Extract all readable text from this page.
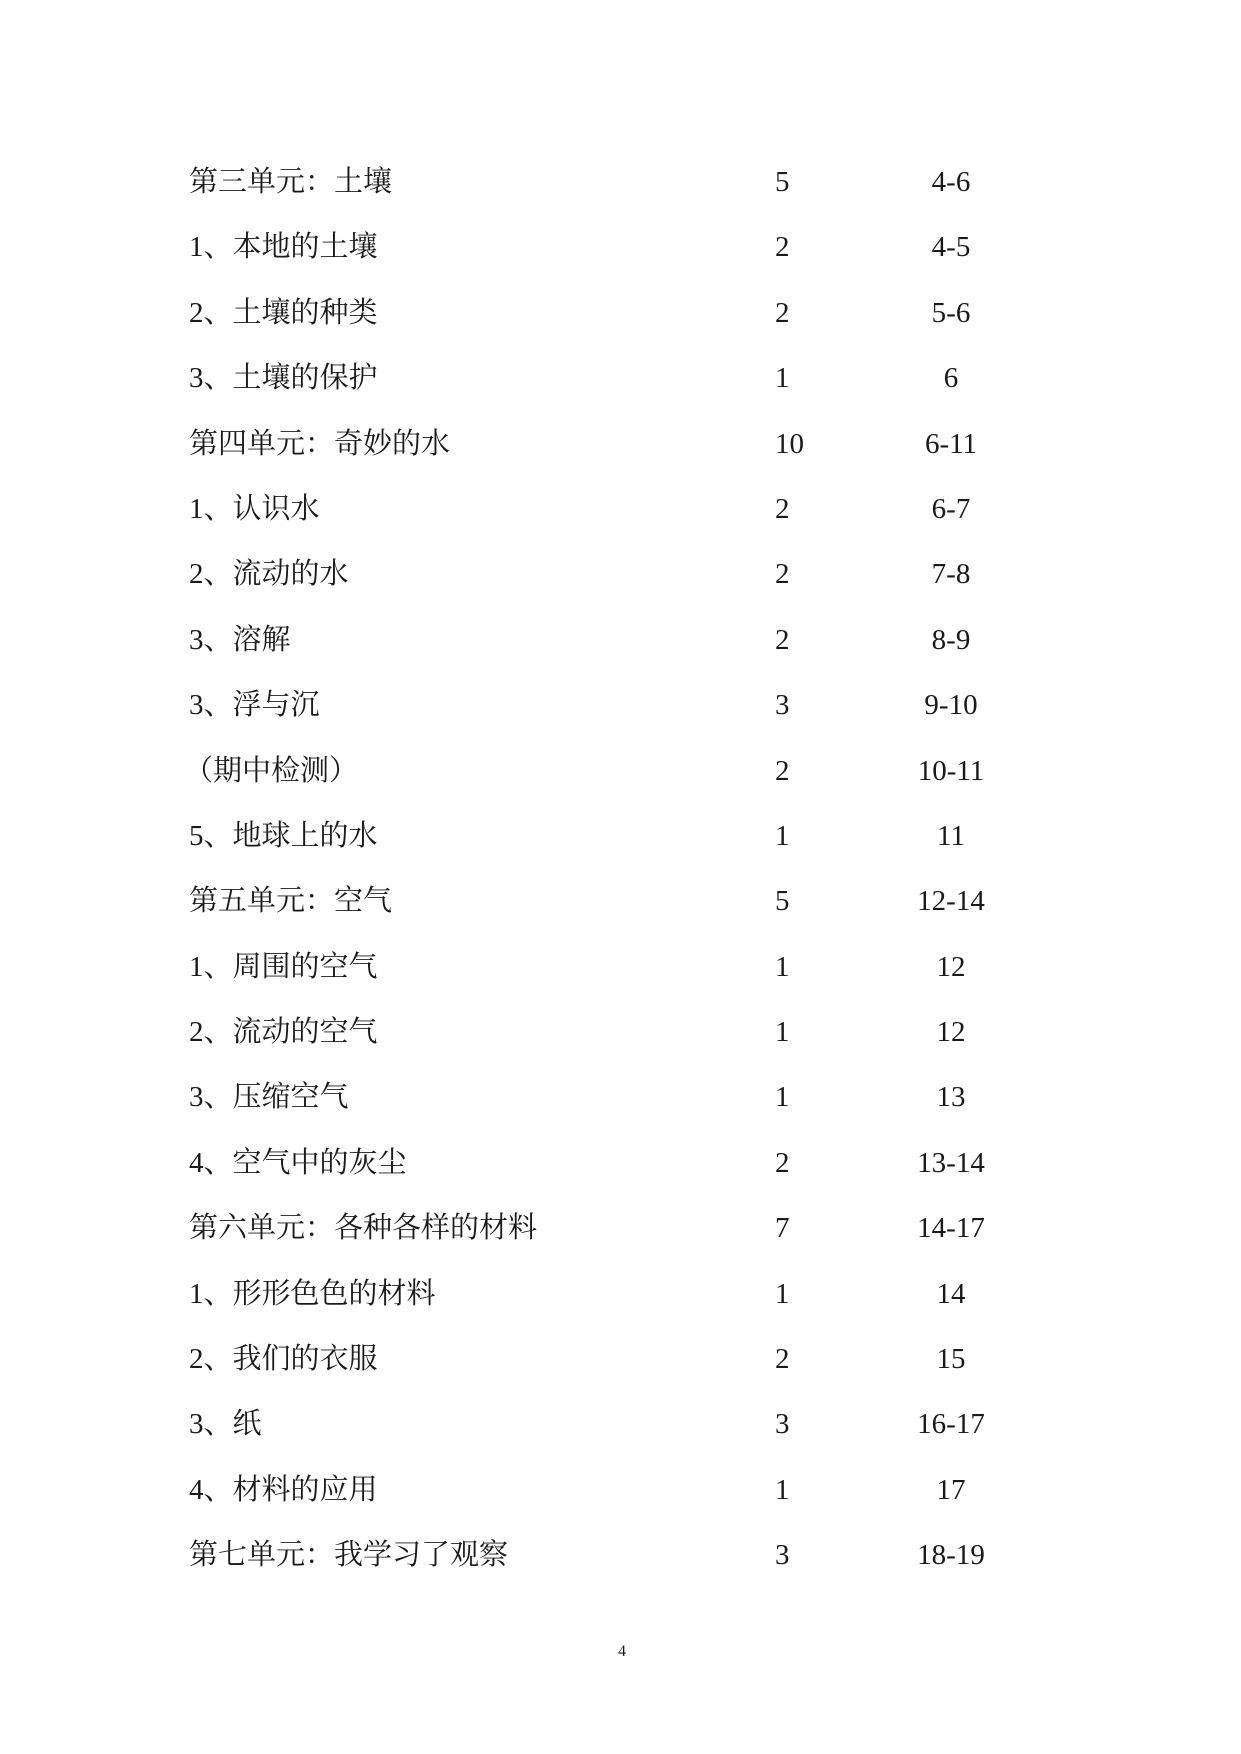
第三单元：土壤	5	4-6
1、本地的土壤	2	4-5
2、土壤的种类	2	5-6
3、土壤的保护	1	6
第四单元：奇妙的水	10	6-11
1、认识水	2	6-7
2、流动的水	2	7-8
3、溶解	2	8-9
3、浮与沉	3	9-10
（期中检测）	2	10-11
5、地球上的水	1	11
第五单元：空气	5	12-14
1、周围的空气	1	12
2、流动的空气	1	12
3、压缩空气	1	13
4、空气中的灰尘	2	13-14
第六单元：各种各样的材料	7	14-17
1、形形色色的材料	1	14
2、我们的衣服	2	15
3、纸	3	16-17
4、材料的应用	1	17
第七单元：我学习了观察	3	18-19
4
